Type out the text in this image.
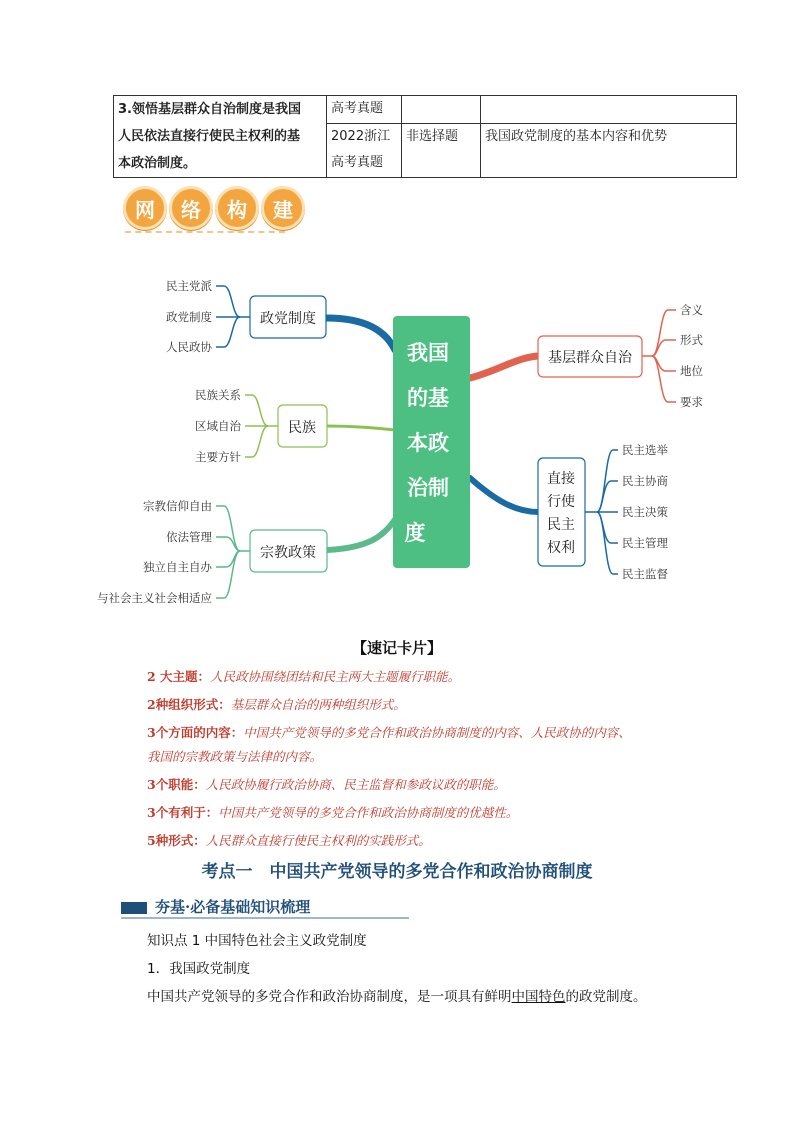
3.领悟基层群众自治制度是我国
人民依法直接行使民主权利的基
本政治制度。	高考真题		

	2022浙江
高考真题	非选择题	我国政党制度的基本内容和优势
网	络	构	建
我国
的基
本政
治制
度
政党制度
民主党派
政党制度
人民政协
民族
民族关系
区域自治
主要方针
宗教政策
宗教信仰自由
依法管理
独立自主自办
与社会主义社会相适应
基层群众自治
含义
形式
地位
要求
直接
行使
民主
权利
民主选举
民主协商
民主决策
民主管理
民主监督
【速记卡片】
2 大主题：人民政协围绕团结和民主两大主题履行职能。
2种组织形式：基层群众自治的两种组织形式。
3个方面的内容：中国共产党领导的多党合作和政治协商制度的内容、人民政协的内容、
我国的宗教政策与法律的内容。
3个职能：人民政协履行政治协商、民主监督和参政议政的职能。
3个有利于：中国共产党领导的多党合作和政治协商制度的优越性。
5种形式：人民群众直接行使民主权利的实践形式。
考点一　中国共产党领导的多党合作和政治协商制度
夯基·必备基础知识梳理
知识点 1 中国特色社会主义政党制度
1．我国政党制度
中国共产党领导的多党合作和政治协商制度，是一项具有鲜明中国特色的政党制度。
